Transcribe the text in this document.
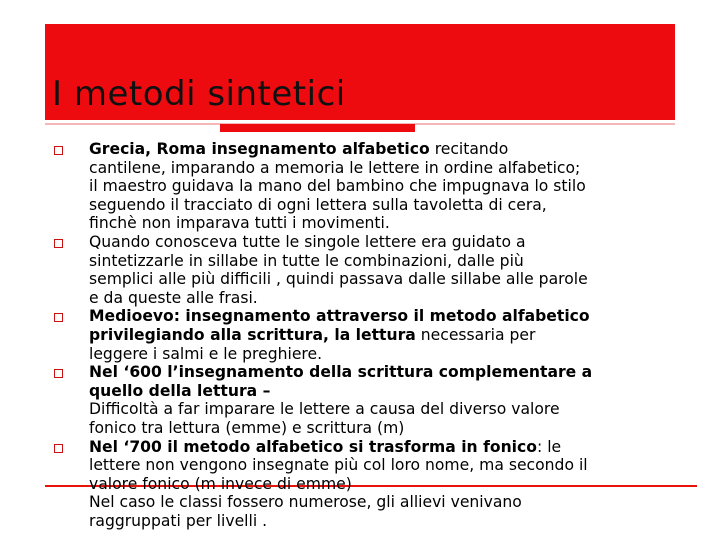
I metodi sintetici
Grecia, Roma insegnamento alfabetico recitando
cantilene, imparando a memoria le lettere in ordine alfabetico;
il maestro guidava la mano del bambino che impugnava lo stilo
seguendo il tracciato di ogni lettera sulla tavoletta di cera,
finchè non imparava tutti i movimenti.
Quando conosceva tutte le singole lettere era guidato a
sintetizzarle in sillabe in tutte le combinazioni, dalle più
semplici alle più difficili , quindi passava dalle sillabe alle parole
e da queste alle frasi.
Medioevo: insegnamento attraverso il metodo alfabetico
privilegiando alla scrittura, la lettura necessaria per
leggere i salmi e le preghiere.
Nel ‘600 l’insegnamento della scrittura complementare a
quello della lettura –
Difficoltà a far imparare le lettere a causa del diverso valore
fonico tra lettura (emme) e scrittura (m)
Nel ‘700 il metodo alfabetico si trasforma in fonico: le
lettere non vengono insegnate più col loro nome, ma secondo il
valore fonico (m invece di emme)
Nel caso le classi fossero numerose, gli allievi venivano
raggruppati per livelli .
